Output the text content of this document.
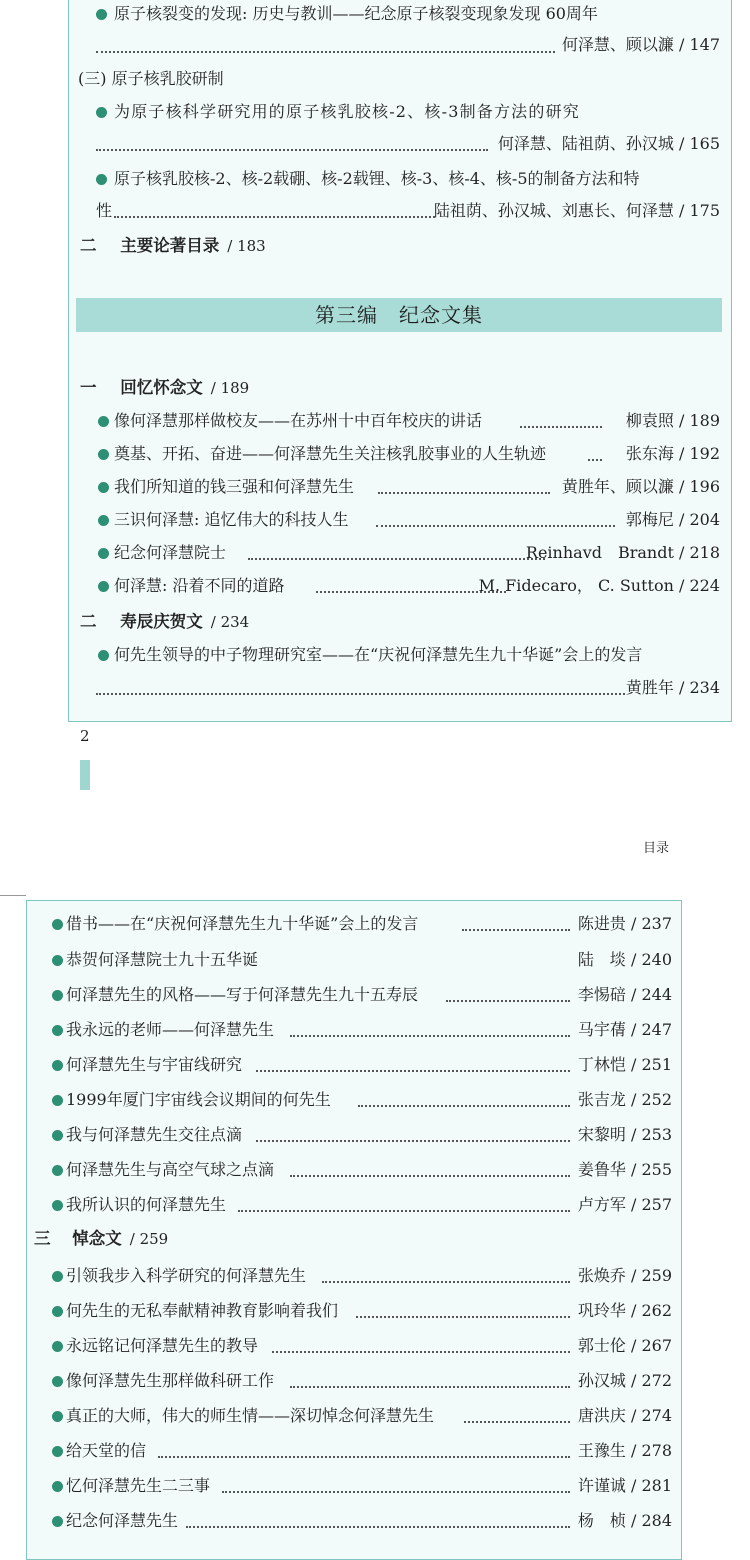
原子核裂变的发现: 历史与教训——纪念原子核裂变现象发现 60周年
何泽慧、顾以濂 / 147
(三) 原子核乳胶研制
为原子核科学研究用的原子核乳胶核-2、核-3制备方法的研究
何泽慧、陆祖荫、孙汉城 / 165
原子核乳胶核-2、核-2载硼、核-2载锂、核-3、核-4、核-5的制备方法和特
性	陆祖荫、孙汉城、刘惠长、何泽慧 / 175
二 主要论著目录 / 183
第三编　纪念文集
一 回忆怀念文 / 189
像何泽慧那样做校友——在苏州十中百年校庆的讲话	柳袁照 / 189
奠基、开拓、奋进——何泽慧先生关注核乳胶事业的人生轨迹	张东海 / 192
我们所知道的钱三强和何泽慧先生	黄胜年、顾以濂 / 196
三识何泽慧: 追忆伟大的科技人生	郭梅尼 / 204
纪念何泽慧院士	Reinhavd　Brandt / 218
何泽慧: 沿着不同的道路	M. Fidecaro， C. Sutton / 224
二 寿辰庆贺文 / 234
何先生领导的中子物理研究室——在“庆祝何泽慧先生九十华诞”会上的发言
黄胜年 / 234
2
目录
借书——在“庆祝何泽慧先生九十华诞”会上的发言	陈进贵 / 237
恭贺何泽慧院士九十五华诞	陆　埮 / 240
何泽慧先生的风格——写于何泽慧先生九十五寿辰	李惕碚 / 244
我永远的老师——何泽慧先生	马宇蒨 / 247
何泽慧先生与宇宙线研究	丁林恺 / 251
1999年厦门宇宙线会议期间的何先生	张吉龙 / 252
我与何泽慧先生交往点滴	宋黎明 / 253
何泽慧先生与高空气球之点滴	姜鲁华 / 255
我所认识的何泽慧先生	卢方军 / 257
三 悼念文 / 259
引领我步入科学研究的何泽慧先生	张焕乔 / 259
何先生的无私奉献精神教育影响着我们	巩玲华 / 262
永远铭记何泽慧先生的教导	郭士伦 / 267
像何泽慧先生那样做科研工作	孙汉城 / 272
真正的大师，伟大的师生情——深切悼念何泽慧先生	唐洪庆 / 274
给天堂的信	王豫生 / 278
忆何泽慧先生二三事	许谨诚 / 281
纪念何泽慧先生	杨　桢 / 284
